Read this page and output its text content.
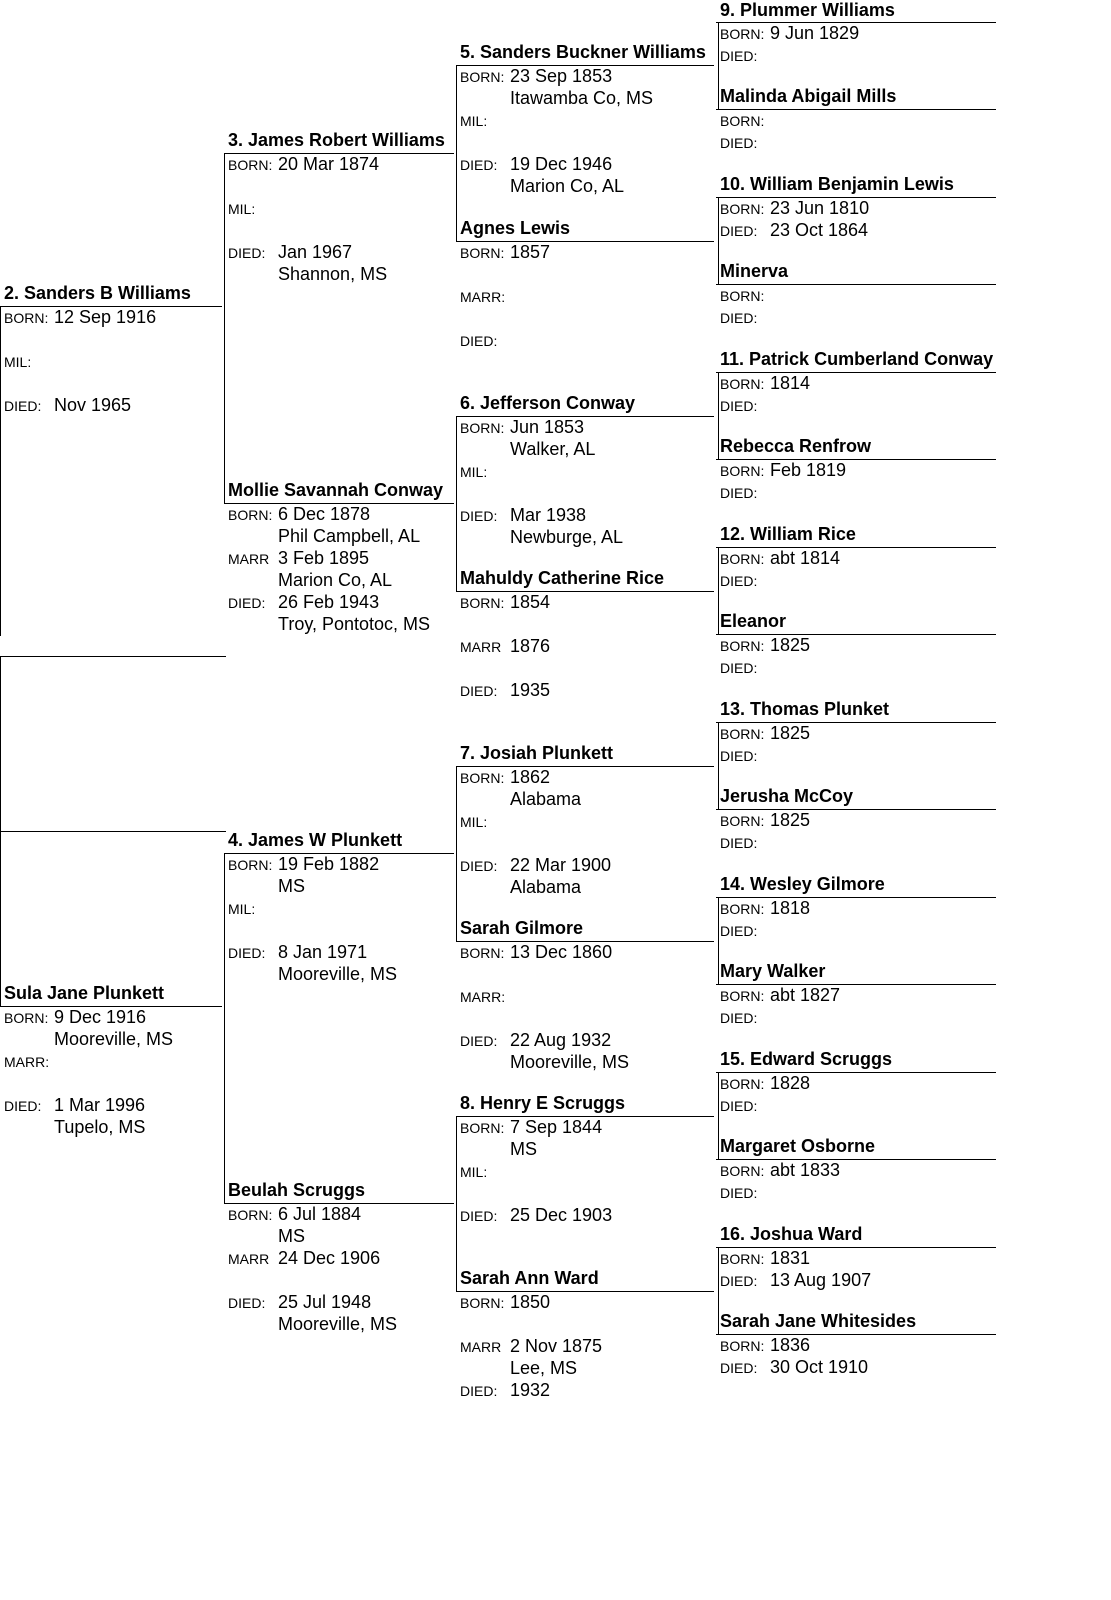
2. Sanders B Williams
BORN: 12 Sep 1916
MIL:
DIED: Nov 1965
Sula Jane Plunkett
BORN: 9 Dec 1916
Mooreville, MS
MARR:
DIED: 1 Mar 1996
Tupelo, MS
3. James Robert Williams
BORN: 20 Mar 1874
MIL:
DIED: Jan 1967
Shannon, MS
Mollie Savannah Conway
BORN: 6 Dec 1878
Phil Campbell, AL
MARR 3 Feb 1895
Marion Co, AL
DIED: 26 Feb 1943
Troy, Pontotoc, MS
4. James W Plunkett
BORN: 19 Feb 1882
MS
MIL:
DIED: 8 Jan 1971
Mooreville, MS
Beulah Scruggs
BORN: 6 Jul 1884
MS
MARR 24 Dec 1906
DIED: 25 Jul 1948
Mooreville, MS
5. Sanders Buckner Williams
BORN: 23 Sep 1853
Itawamba Co, MS
MIL:
DIED: 19 Dec 1946
Marion Co, AL
Agnes Lewis
BORN: 1857
MARR:
DIED:
6. Jefferson Conway
BORN: Jun 1853
Walker, AL
MIL:
DIED: Mar 1938
Newburge, AL
Mahuldy Catherine Rice
BORN: 1854
MARR 1876
DIED: 1935
7. Josiah Plunkett
BORN: 1862
Alabama
MIL:
DIED: 22 Mar 1900
Alabama
Sarah Gilmore
BORN: 13 Dec 1860
MARR:
DIED: 22 Aug 1932
Mooreville, MS
8. Henry E Scruggs
BORN: 7 Sep 1844
MS
MIL:
DIED: 25 Dec 1903
Sarah Ann Ward
BORN: 1850
MARR 2 Nov 1875
Lee, MS
DIED: 1932
9. Plummer Williams
BORN: 9 Jun 1829
DIED:
Malinda Abigail Mills
BORN:
DIED:
10. William Benjamin Lewis
BORN: 23 Jun 1810
DIED: 23 Oct 1864
Minerva
BORN:
DIED:
11. Patrick Cumberland Conway
BORN: 1814
DIED:
Rebecca Renfrow
BORN: Feb 1819
DIED:
12. William Rice
BORN: abt 1814
DIED:
Eleanor
BORN: 1825
DIED:
13. Thomas Plunket
BORN: 1825
DIED:
Jerusha McCoy
BORN: 1825
DIED:
14. Wesley Gilmore
BORN: 1818
DIED:
Mary Walker
BORN: abt 1827
DIED:
15. Edward Scruggs
BORN: 1828
DIED:
Margaret Osborne
BORN: abt 1833
DIED:
16. Joshua Ward
BORN: 1831
DIED: 13 Aug 1907
Sarah Jane Whitesides
BORN: 1836
DIED: 30 Oct 1910
